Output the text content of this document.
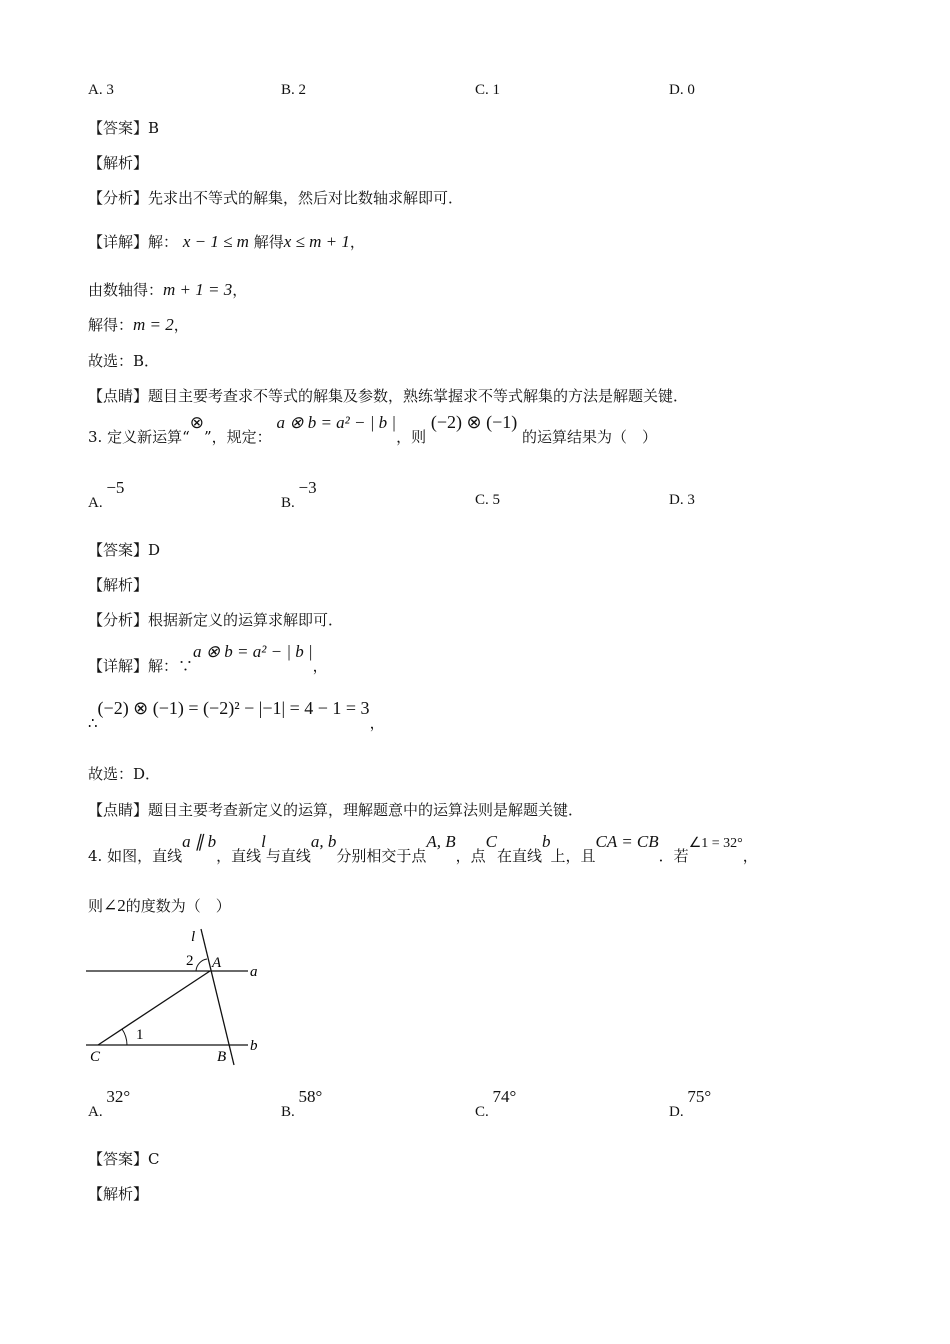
A. 3	B. 2	C. 1	D. 0
【答案】B
【解析】
【分析】先求出不等式的解集，然后对比数轴求解即可．
【详解】解： x − 1 ≤ m 解得x ≤ m + 1，
由数轴得：m + 1 = 3，
解得：m = 2，
故选：B．
【点睛】题目主要考查求不等式的解集及参数，熟练掌握求不等式解集的方法是解题关键．
3. 定义新运算“⊗”，规定： a ⊗ b = a² − | b |，则 (−2) ⊗ (−1) 的运算结果为（　）
A. −5
B. −3
C. 5	D. 3
【答案】D
【解析】
【分析】根据新定义的运算求解即可．
【详解】解：∵a ⊗ b = a² − | b |，
∴(−2) ⊗ (−1) = (−2)² − |−1| = 4 − 1 = 3，
故选：D．
【点睛】题目主要考查新定义的运算，理解题意中的运算法则是解题关键．
4. 如图，直线a ∥ b，直线l与直线a, b分别相交于点A, B，点C在直线b上，且CA = CB．若∠1 = 32°，
则∠2的度数为（　）
l
2 A
a
1
C	B
b
A. 32°
B. 58°
C. 74°
D. 75°
【答案】C
【解析】
